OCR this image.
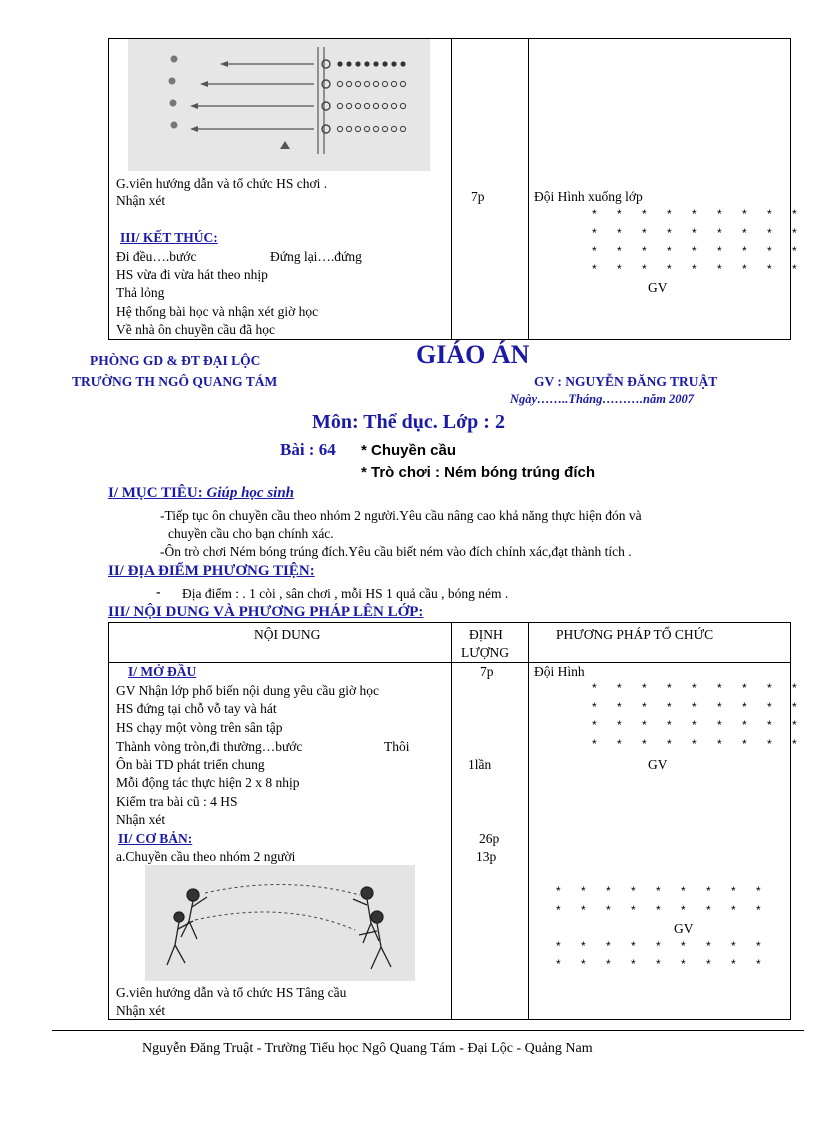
G.viên hướng dẫn và tổ chức HS chơi .
Nhận xét	7p	Đội Hình xuống lớp
* * * * * * * * *
* * * * * * * * *
* * * * * * * * *
* * * * * * * * *
GV
III/ KẾT THÚC:
Đi đều….bước	Đứng lại….đứng
HS vừa đi vừa hát theo nhịp
Thả lỏng
Hệ thống bài học và nhận xét giờ học
Về nhà ôn chuyền cầu đã học
PHÒNG GD & ĐT ĐẠI LỘC
TRƯỜNG TH NGÔ QUANG TÁM
GIÁO ÁN
GV : NGUYỄN ĐĂNG TRUẬT
Ngày……..Tháng……….năm 2007
Môn: Thể dục. Lớp : 2
Bài : 64 * Chuyền cầu
* Trò chơi : Ném bóng trúng đích
I/ MỤC TIÊU: Giúp học sinh
-Tiếp tục ôn chuyền cầu theo nhóm 2 người.Yêu cầu nâng cao khả năng thực hiện đón và
chuyền cầu cho bạn chính xác.
-Ôn trò chơi Ném bóng trúng đích.Yêu cầu biết ném vào đích chính xác,đạt thành tích .
II/ ĐỊA ĐIỂM PHƯƠNG TIỆN:
- Địa điểm : . 1 còi , sân chơi , mỗi HS 1 quả cầu , bóng ném .
III/ NỘI DUNG VÀ PHƯƠNG PHÁP LÊN LỚP:
NỘI DUNG	ĐỊNH
LƯỢNG
PHƯƠNG PHÁP TỔ CHỨC
I/ MỞ ĐẦU	7p	Đội Hình
GV Nhận lớp phổ biến nội dung yêu cầu giờ học
HS đứng tại chỗ vỗ tay và hát
HS chạy một vòng trên sân tập
Thành vòng tròn,đi thường…bước	Thôi
Ôn bài TD phát triển chung	1lần
Mỗi động tác thực hiện 2 x 8 nhịp
Kiểm tra bài cũ : 4 HS
Nhận xét
* * * * * * * * *
* * * * * * * * *
* * * * * * * * *
* * * * * * * * *
GV
II/ CƠ BẢN:	26p
a.Chuyền cầu theo nhóm 2 người	13p
* * * * * * * * *
* * * * * * * * *
GV
* * * * * * * * *
* * * * * * * * *
G.viên hướng dẫn và tổ chức HS Tâng cầu
Nhận xét
Nguyễn Đăng Truật - Trường Tiểu học Ngô Quang Tám - Đại Lộc - Quảng Nam
